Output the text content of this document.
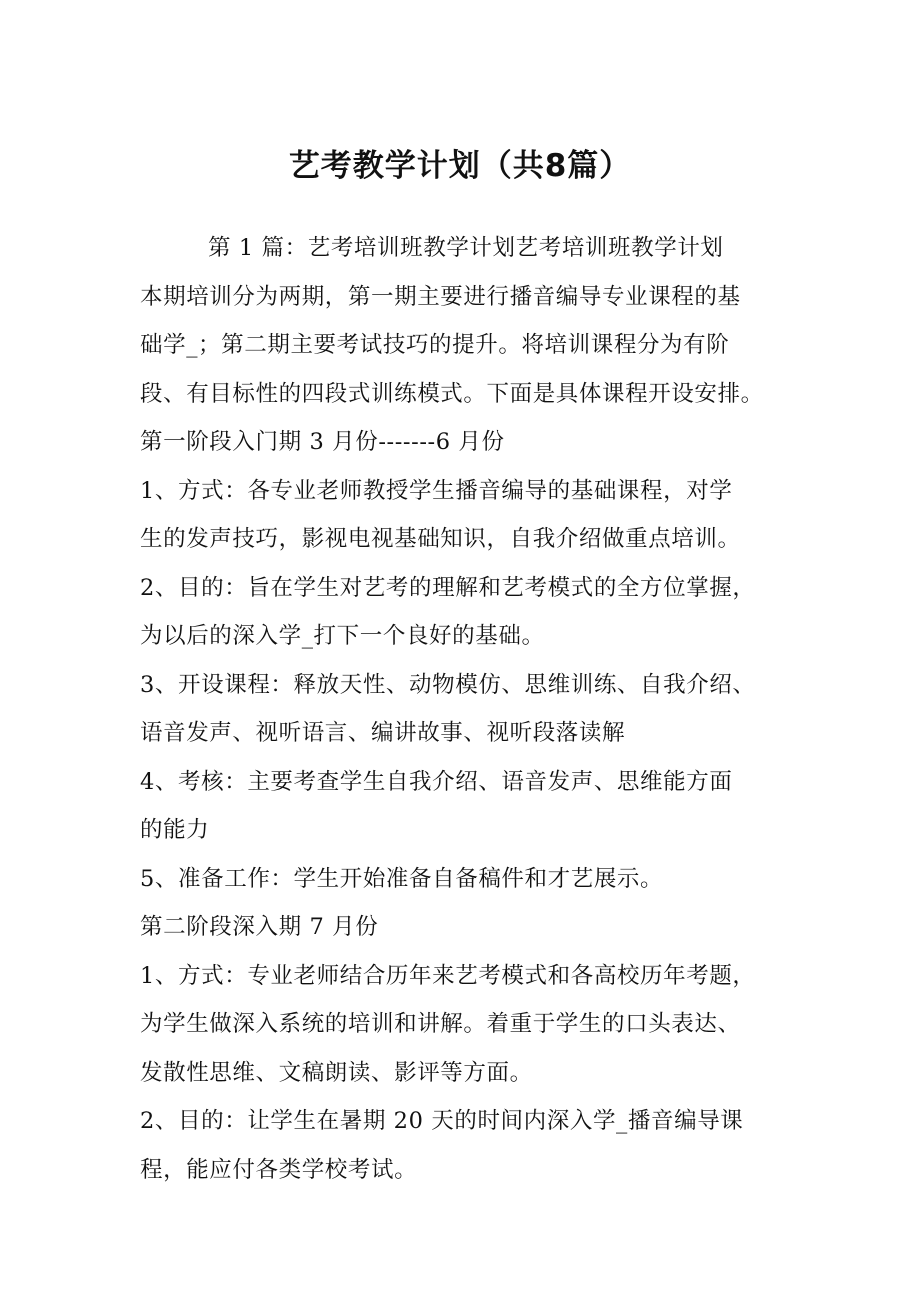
艺考教学计划（共8篇）

第 1 篇：艺考培训班教学计划艺考培训班教学计划

本期培训分为两期，第一期主要进行播音编导专业课程的基

础学_；第二期主要考试技巧的提升。将培训课程分为有阶

段、有目标性的四段式训练模式。下面是具体课程开设安排。

第一阶段入门期 3 月份-------6 月份

1、方式：各专业老师教授学生播音编导的基础课程，对学

生的发声技巧，影视电视基础知识，自我介绍做重点培训。

2、目的：旨在学生对艺考的理解和艺考模式的全方位掌握，

为以后的深入学_打下一个良好的基础。

3、开设课程：释放天性、动物模仿、思维训练、自我介绍、

语音发声、视听语言、编讲故事、视听段落读解

4、考核：主要考查学生自我介绍、语音发声、思维能方面

的能力

5、准备工作：学生开始准备自备稿件和才艺展示。

第二阶段深入期 7 月份

1、方式：专业老师结合历年来艺考模式和各高校历年考题，

为学生做深入系统的培训和讲解。着重于学生的口头表达、

发散性思维、文稿朗读、影评等方面。

2、目的：让学生在暑期 20 天的时间内深入学_播音编导课

程，能应付各类学校考试。
